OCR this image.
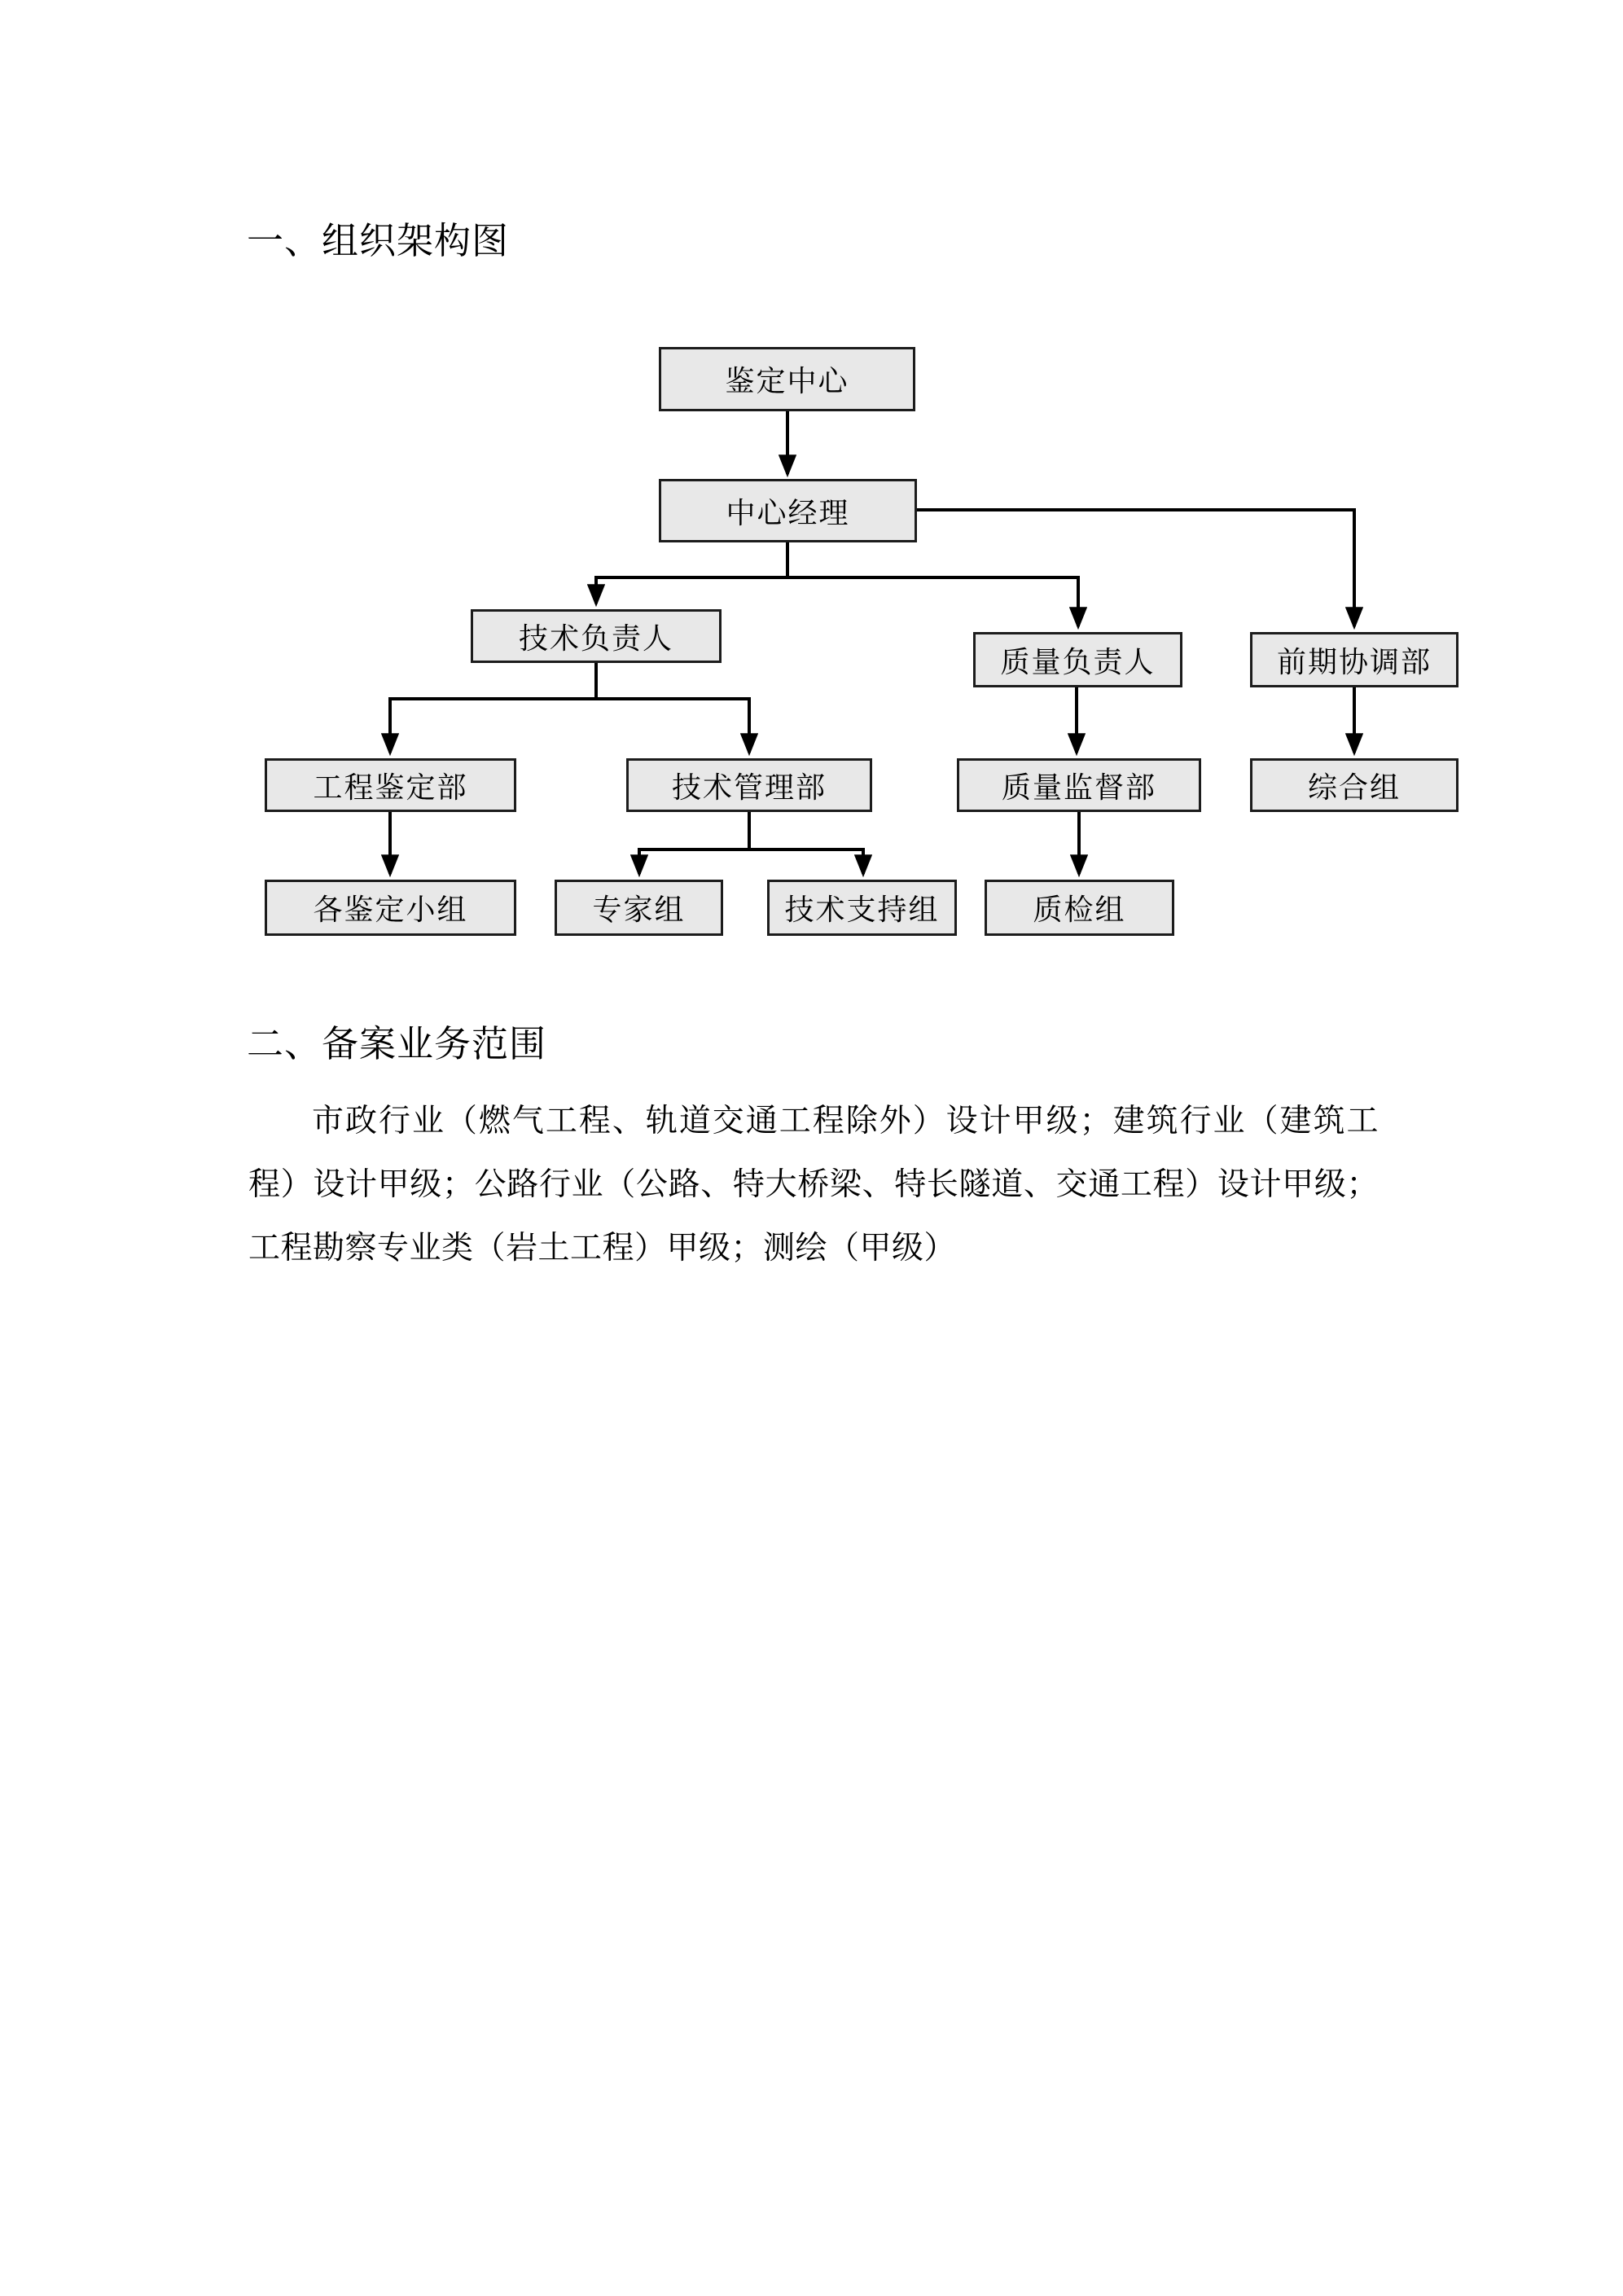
一、组织架构图
鉴定中心
中心经理
技术负责人
质量负责人	前期协调部
工程鉴定部	技术管理部	质量监督部	综合组
各鉴定小组	专家组	技术支持组	质检组
二、备案业务范围

市政行业（燃气工程、轨道交通工程除外）设计甲级；建筑行业（建筑工程）设计甲级；公路行业（公路、特大桥梁、特长隧道、交通工程）设计甲级；工程勘察专业类（岩土工程）甲级；测绘（甲级）
